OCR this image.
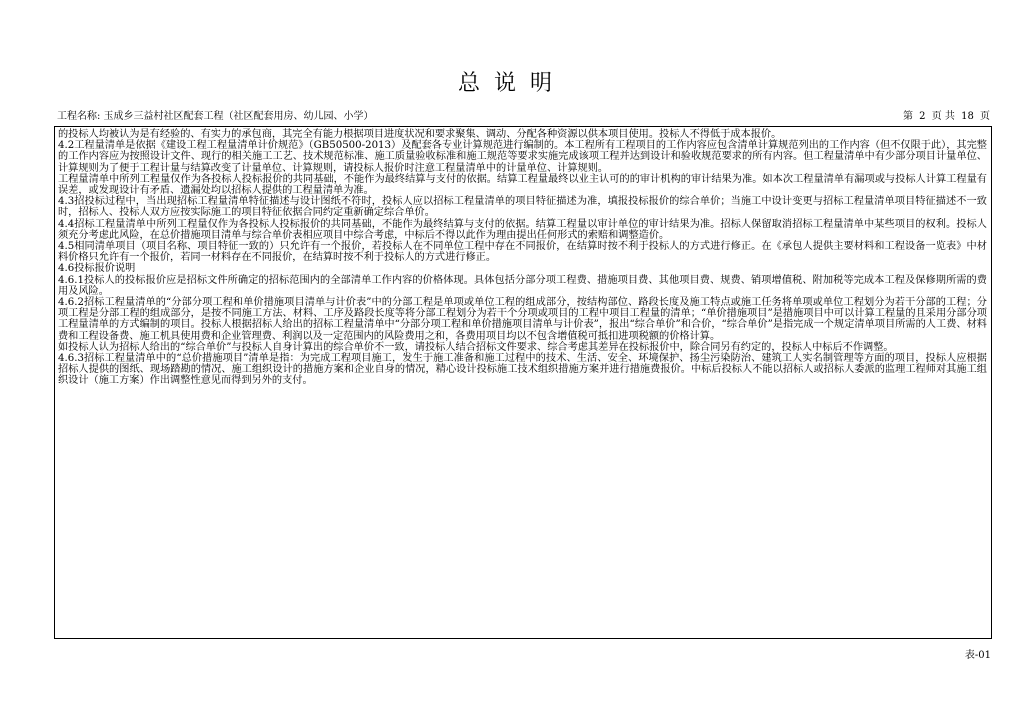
总说明
工程名称: 玉成乡三益村社区配套工程（社区配套用房、幼儿园、小学）	第 2 页 共 18 页

的投标人均被认为是有经验的、有实力的承包商，其完全有能力根据项目进度状况和要求聚集、调动、分配各种资源以供本项目使用。投标人不得低于成本报价。

4.2工程量清单是依据《建设工程工程量清单计价规范》（GB50500-2013）及配套各专业计算规范进行编制的。本工程所有工程项目的工作内容应包含清单计算规范列出的工作内容（但不仅限于此），其完整的工作内容应为按照设计文件、现行的相关施工工艺、技术规范标准、施工质量验收标准和施工规范等要求实施完成该项工程并达到设计和验收规范要求的所有内容。但工程量清单中有少部分项目计量单位、计算规则为了便于工程计量与结算改变了计量单位、计算规则，请投标人报价时注意工程量清单中的计量单位、计算规则。

工程量清单中所列工程量仅作为各投标人投标报价的共同基础，不能作为最终结算与支付的依据。结算工程量最终以业主认可的的审计机构的审计结果为准。如本次工程量清单有漏项或与投标人计算工程量有误差，或发现设计有矛盾、遗漏处均以招标人提供的工程量清单为准。

4.3招投标过程中，当出现招标工程量清单特征描述与设计图纸不符时，投标人应以招标工程量清单的项目特征描述为准，填报投标报价的综合单价；当施工中设计变更与招标工程量清单项目特征描述不一致时，招标人、投标人双方应按实际施工的项目特征依据合同约定重新确定综合单价。

4.4招标工程量清单中所列工程量仅作为各投标人投标报价的共同基础，不能作为最终结算与支付的依据。结算工程量以审计单位的审计结果为准。招标人保留取消招标工程量清单中某些项目的权利。投标人须充分考虑此风险，在总价措施项目清单与综合单价表相应项目中综合考虑，中标后不得以此作为理由提出任何形式的索赔和调整造价。

4.5相同清单项目（项目名称、项目特征一致的）只允许有一个报价，若投标人在不同单位工程中存在不同报价，在结算时按不利于投标人的方式进行修正。在《承包人提供主要材料和工程设备一览表》中材料价格只允许有一个报价，若同一材料存在不同报价，在结算时按不利于投标人的方式进行修正。

4.6投标报价说明

4.6.1投标人的投标报价应是招标文件所确定的招标范围内的全部清单工作内容的价格体现。具体包括分部分项工程费、措施项目费、其他项目费、规费、销项增值税、附加税等完成本工程及保修期所需的费用及风险。

4.6.2招标工程量清单的“分部分项工程和单价措施项目清单与计价表”中的分部工程是单项或单位工程的组成部分，按结构部位、路段长度及施工特点或施工任务将单项或单位工程划分为若干分部的工程；分项工程是分部工程的组成部分，是按不同施工方法、材料、工序及路段长度等将分部工程划分为若干个分项或项目的工程中项目工程量的清单；“单价措施项目”是措施项目中可以计算工程量的且采用分部分项工程量清单的方式编制的项目。投标人根据招标人给出的招标工程量清单中“分部分项工程和单价措施项目清单与计价表”，报出“综合单价”和合价，“综合单价”是指完成一个规定清单项目所需的人工费、材料费和工程设备费、施工机具使用费和企业管理费、利润以及一定范围内的风险费用之和，各费用项目均以不包含增值税可抵扣进项税额的价格计算。

如投标人认为招标人给出的“综合单价”与投标人自身计算出的综合单价不一致，请投标人结合招标文件要求、综合考虑其差异在投标报价中，除合同另有约定的，投标人中标后不作调整。

4.6.3招标工程量清单中的“总价措施项目”清单是指：为完成工程项目施工，发生于施工准备和施工过程中的技术、生活、安全、环境保护、扬尘污染防治、建筑工人实名制管理等方面的项目，投标人应根据招标人提供的图纸、现场踏勘的情况、施工组织设计的措施方案和企业自身的情况，精心设计投标施工技术组织措施方案并进行措施费报价。中标后投标人不能以招标人或招标人委派的监理工程师对其施工组织设计（施工方案）作出调整性意见而得到另外的支付。

表-01
